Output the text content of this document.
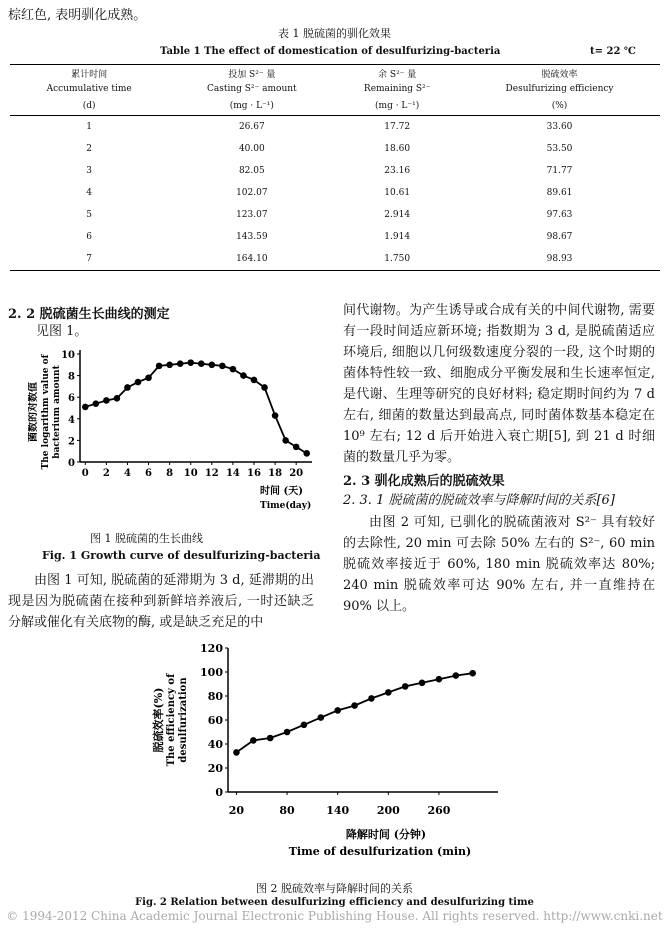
棕红色, 表明驯化成熟。
表 1 脱硫菌的驯化效果
Table 1 The effect of domestication of desulfurizing-bacteria	t= 22 ℃
累计时间	投加 S²⁻ 量	余 S²⁻ 量	脱硫效率
Accumulative time	Casting S²⁻ amount	Remaining S²⁻	Desulfurizing efficiency
(d)	(mg · L⁻¹)	(mg · L⁻¹)	(%)
1	26.67	17.72	33.60
2	40.00	18.60	53.50
3	82.05	23.16	71.77
4	102.07	10.61	89.61
5	123.07	2.914	97.63
6	143.59	1.914	98.67
7	164.10	1.750	98.93
2. 2 脱硫菌生长曲线的测定
见图 1。
0
2
4
6
8
10
0 2 4 6 8 10 12 14 16 18 20
菌数的对数值 The logarithm value of bacterium amount
时间 (天)
Time(day)
图 1 脱硫菌的生长曲线
Fig. 1 Growth curve of desulfurizing-bacteria
由图 1 可知, 脱硫菌的延滞期为 3 d, 延滞期的出现是因为脱硫菌在接种到新鲜培养液后, 一时还缺乏分解或催化有关底物的酶, 或是缺乏充足的中
间代谢物。为产生诱导或合成有关的中间代谢物, 需要有一段时间适应新环境; 指数期为 3 d, 是脱硫菌适应环境后, 细胞以几何级数速度分裂的一段, 这个时期的菌体特性较一致、细胞成分平衡发展和生长速率恒定, 是代谢、生理等研究的良好材料; 稳定期时间约为 7 d 左右, 细菌的数量达到最高点, 同时菌体数基本稳定在 10⁹ 左右; 12 d 后开始进入衰亡期[5], 到 21 d 时细菌的数量几乎为零。
2. 3 驯化成熟后的脱硫效果
2. 3. 1 脱硫菌的脱硫效率与降解时间的关系[6]
由图 2 可知, 已驯化的脱硫菌液对 S²⁻ 具有较好的去除性, 20 min 可去除 50% 左右的 S²⁻, 60 min 脱硫效率接近于 60%, 180 min 脱硫效率达 80%; 240 min 脱硫效率可达 90% 左右, 并一直维持在 90% 以上。
0
20
40
60
80
100
120
20	80	140	200	260
脱硫效率(%) The efficiency of desulfurization
降解时间 (分钟)
Time of desulfurization (min)
图 2 脱硫效率与降解时间的关系
Fig. 2 Relation between desulfurizing efficiency and desulfurizing time
© 1994-2012 China Academic Journal Electronic Publishing House. All rights reserved. http://www.cnki.net
